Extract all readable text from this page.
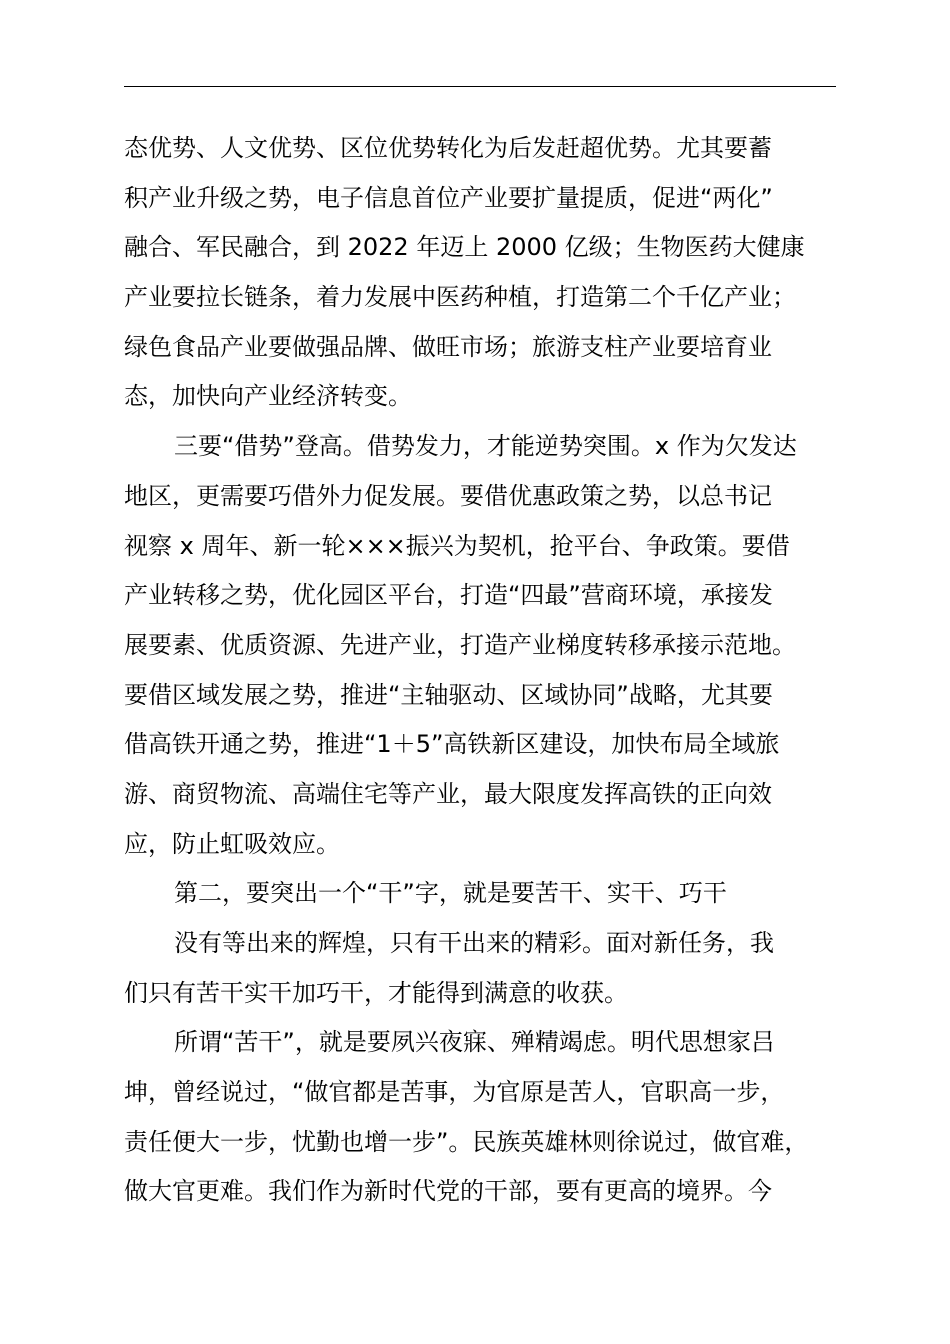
态优势、人文优势、区位优势转化为后发赶超优势。尤其要蓄
积产业升级之势，电子信息首位产业要扩量提质，促进“两化”
融合、军民融合，到 2022 年迈上 2000 亿级；生物医药大健康
产业要拉长链条，着力发展中医药种植，打造第二个千亿产业；
绿色食品产业要做强品牌、做旺市场；旅游支柱产业要培育业
态，加快向产业经济转变。
三要“借势”登高。借势发力，才能逆势突围。x 作为欠发达
地区，更需要巧借外力促发展。要借优惠政策之势，以总书记
视察 x 周年、新一轮×××振兴为契机，抢平台、争政策。要借
产业转移之势，优化园区平台，打造“四最”营商环境，承接发
展要素、优质资源、先进产业，打造产业梯度转移承接示范地。
要借区域发展之势，推进“主轴驱动、区域协同”战略，尤其要
借高铁开通之势，推进“1＋5”高铁新区建设，加快布局全域旅
游、商贸物流、高端住宅等产业，最大限度发挥高铁的正向效
应，防止虹吸效应。
第二，要突出一个“干”字，就是要苦干、实干、巧干
没有等出来的辉煌，只有干出来的精彩。面对新任务，我
们只有苦干实干加巧干，才能得到满意的收获。
所谓“苦干”，就是要夙兴夜寐、殚精竭虑。明代思想家吕
坤，曾经说过，“做官都是苦事，为官原是苦人，官职高一步，
责任便大一步，忧勤也增一步”。民族英雄林则徐说过，做官难，
做大官更难。我们作为新时代党的干部，要有更高的境界。今
